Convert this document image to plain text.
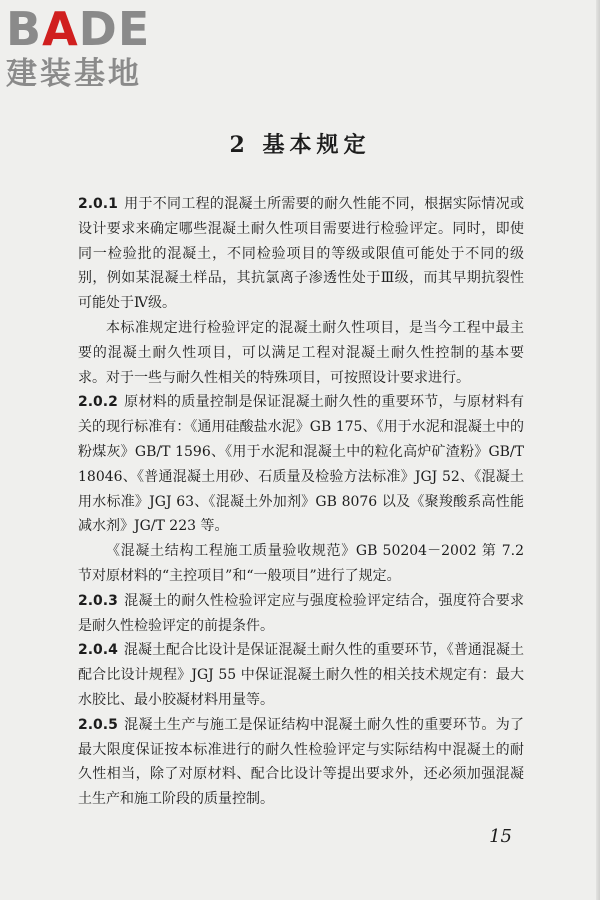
B A DE
建装基地
2 基本规定

2.0.1 用于不同工程的混凝土所需要的耐久性能不同，根据实际情况或设计要求来确定哪些混凝土耐久性项目需要进行检验评定。同时，即使同一检验批的混凝土，不同检验项目的等级或限值可能处于不同的级别，例如某混凝土样品，其抗氯离子渗透性处于Ⅲ级，而其早期抗裂性可能处于Ⅳ级。

本标准规定进行检验评定的混凝土耐久性项目，是当今工程中最主要的混凝土耐久性项目，可以满足工程对混凝土耐久性控制的基本要求。对于一些与耐久性相关的特殊项目，可按照设计要求进行。

2.0.2 原材料的质量控制是保证混凝土耐久性的重要环节，与原材料有关的现行标准有：《通用硅酸盐水泥》GB 175、《用于水泥和混凝土中的粉煤灰》GB/T 1596、《用于水泥和混凝土中的粒化高炉矿渣粉》GB/T 18046、《普通混凝土用砂、石质量及检验方法标准》JGJ 52、《混凝土用水标准》JGJ 63、《混凝土外加剂》GB 8076 以及《聚羧酸系高性能减水剂》JG/T 223 等。

《混凝土结构工程施工质量验收规范》GB 50204－2002 第 7.2 节对原材料的“主控项目”和“一般项目”进行了规定。

2.0.3 混凝土的耐久性检验评定应与强度检验评定结合，强度符合要求是耐久性检验评定的前提条件。

2.0.4 混凝土配合比设计是保证混凝土耐久性的重要环节，《普通混凝土配合比设计规程》JGJ 55 中保证混凝土耐久性的相关技术规定有：最大水胶比、最小胶凝材料用量等。

2.0.5 混凝土生产与施工是保证结构中混凝土耐久性的重要环节。为了最大限度保证按本标准进行的耐久性检验评定与实际结构中混凝土的耐久性相当，除了对原材料、配合比设计等提出要求外，还必须加强混凝土生产和施工阶段的质量控制。

15
